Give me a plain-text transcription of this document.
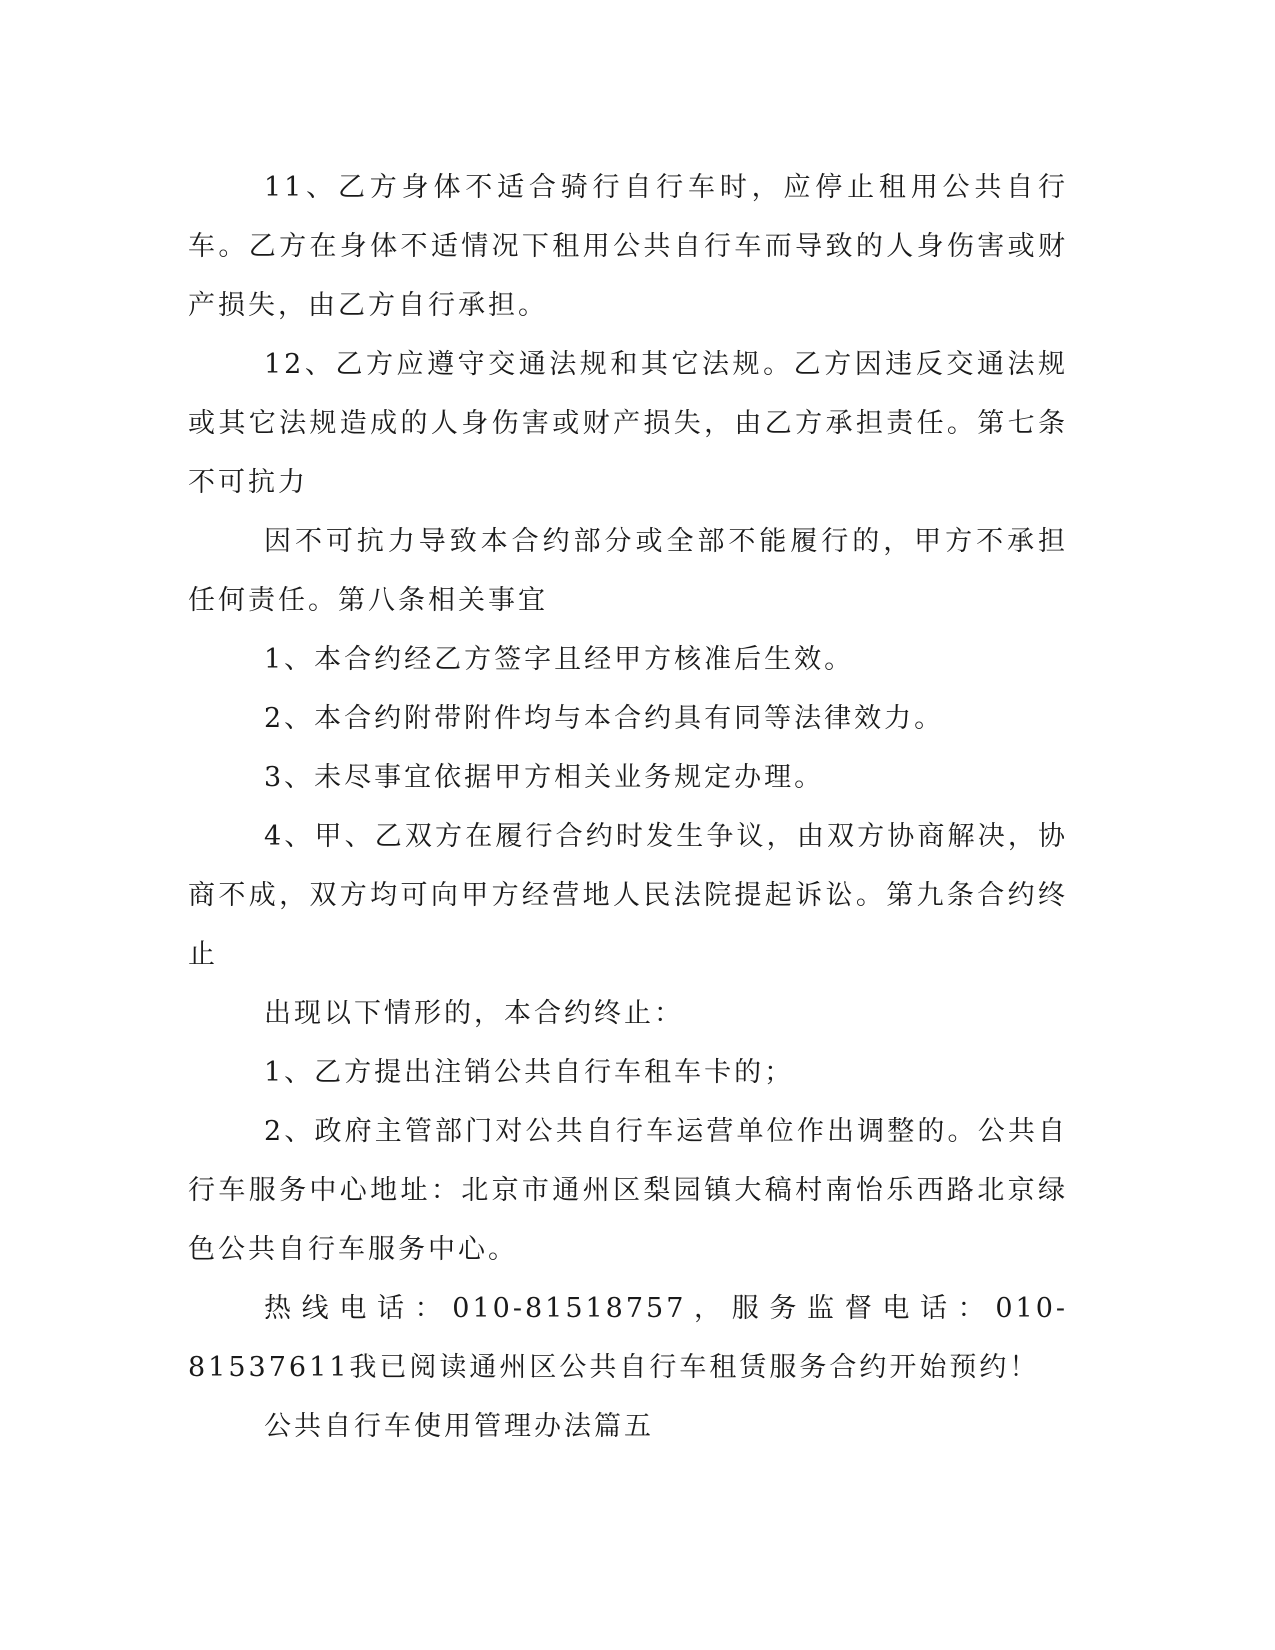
11、乙方身体不适合骑行自行车时，应停止租用公共自行车。乙方在身体不适情况下租用公共自行车而导致的人身伤害或财产损失，由乙方自行承担。

12、乙方应遵守交通法规和其它法规。乙方因违反交通法规或其它法规造成的人身伤害或财产损失，由乙方承担责任。第七条不可抗力

因不可抗力导致本合约部分或全部不能履行的，甲方不承担任何责任。第八条相关事宜

1、本合约经乙方签字且经甲方核准后生效。

2、本合约附带附件均与本合约具有同等法律效力。

3、未尽事宜依据甲方相关业务规定办理。

4、甲、乙双方在履行合约时发生争议，由双方协商解决，协商不成，双方均可向甲方经营地人民法院提起诉讼。第九条合约终止

出现以下情形的，本合约终止：

1、乙方提出注销公共自行车租车卡的；

2、政府主管部门对公共自行车运营单位作出调整的。公共自行车服务中心地址：北京市通州区梨园镇大稿村南怡乐西路北京绿色公共自行车服务中心。

热线电话：010-81518757，服务监督电话：010-81537611我已阅读通州区公共自行车租赁服务合约开始预约！

公共自行车使用管理办法篇五
